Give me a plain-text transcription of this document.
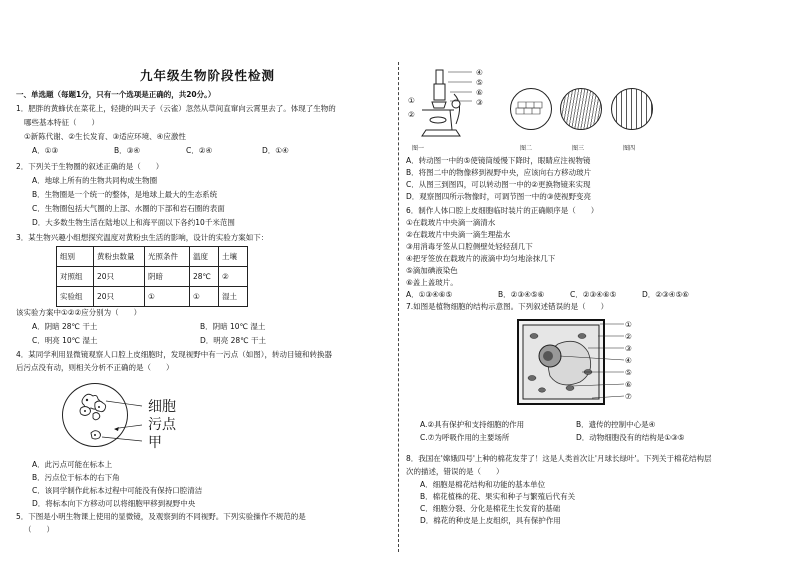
九年级生物阶段性检测
一、单选题（每题1分，只有一个选项是正确的，共20分。）
1．肥胖的黄蜂伏在菜花上，轻捷的叫天子（云雀）忽然从草间直窜向云霄里去了。体现了生物的
哪些基本特征（　　）
①新陈代谢、②生长发育、③适应环境、④应激性
A．①③	B．③④	C．②④	D．①④
2．下列关于生物圈的叙述正确的是（　　）
A．地球上所有的生物共同构成生物圈
B．生物圈是一个统一的整体，是地球上最大的生态系统
C．生物圈包括大气圈的上部、水圈的下部和岩石圈的表面
D．大多数生物生活在陆地以上和海平面以下各约10千米范围
3．某生物兴趣小组想探究温度对黄粉虫生活的影响，设计的实验方案如下：
组别	黄粉虫数量	光照条件	温度	土壤
对照组	20只	阴暗	28℃	②
实验组	20只	①	①	湿土
该实验方案中①②②应分别为（　　）
A．阴暗 28℃ 干土	B．阴暗 10℃ 湿土
C．明亮 10℃ 湿土	D．明亮 28℃ 干土
4．某同学利用显微镜观察人口腔上皮细胞时，发现视野中有一污点（如图），转动目镜和转换器
后污点没有动，则相关分析不正确的是（　　）
细胞
污点
甲
A．此污点可能在标本上
B．污点位于标本的右下角
C．该同学制作此标本过程中可能没有保持口腔清洁
D．将标本向下方移动可以将细胞甲移到视野中央
5．下图是小明生物课上使用的显微镜，及观察到的不同视野。下列实验操作不规范的是
（　　）
④
⑤
⑥
③
①
②
图一	图二	图三	图四
A．转动图一中的⑤使镜筒缓慢下降时，眼睛应注视物镜
B．将图二中的物像移到视野中央，应该向右方移动玻片
C．从图三到图四，可以转动图一中的②更换物镜来实现
D．观察图四所示物像时，可调节图一中的③使视野变亮
6．制作人体口腔上皮细胞临时装片的正确顺序是（　　）
①在载玻片中央滴一滴清水
②在载玻片中央滴一滴生理盐水
③用消毒牙签从口腔侧壁处轻轻刮几下
④把牙签放在载玻片的液滴中均匀地涂抹几下
⑤滴加碘液染色
⑥盖上盖玻片。
A．①③④⑥⑤	B．②③④⑤⑥	C．②③④⑥⑤	D．②③④⑤⑥
7.如图是植物细胞的结构示意图。下列叙述错误的是（　　）
①
②
③
④
⑤
⑥
⑦
A.②具有保护和支持细胞的作用	B．遗传的控制中心是④
C.⑦为呼吸作用的主要场所	D．动物细胞没有的结构是①③⑤
8．我国在'嫦娥四号'上种的棉花发芽了！这是人类首次让'月球长绿叶'。下列关于棉花结构层
次的描述，错误的是（　　）
A．细胞是棉花结构和功能的基本单位
B．棉花植株的花、果实和种子与繁殖后代有关
C．细胞分裂、分化是棉花生长发育的基础
D．棉花的种皮是上皮组织，具有保护作用
